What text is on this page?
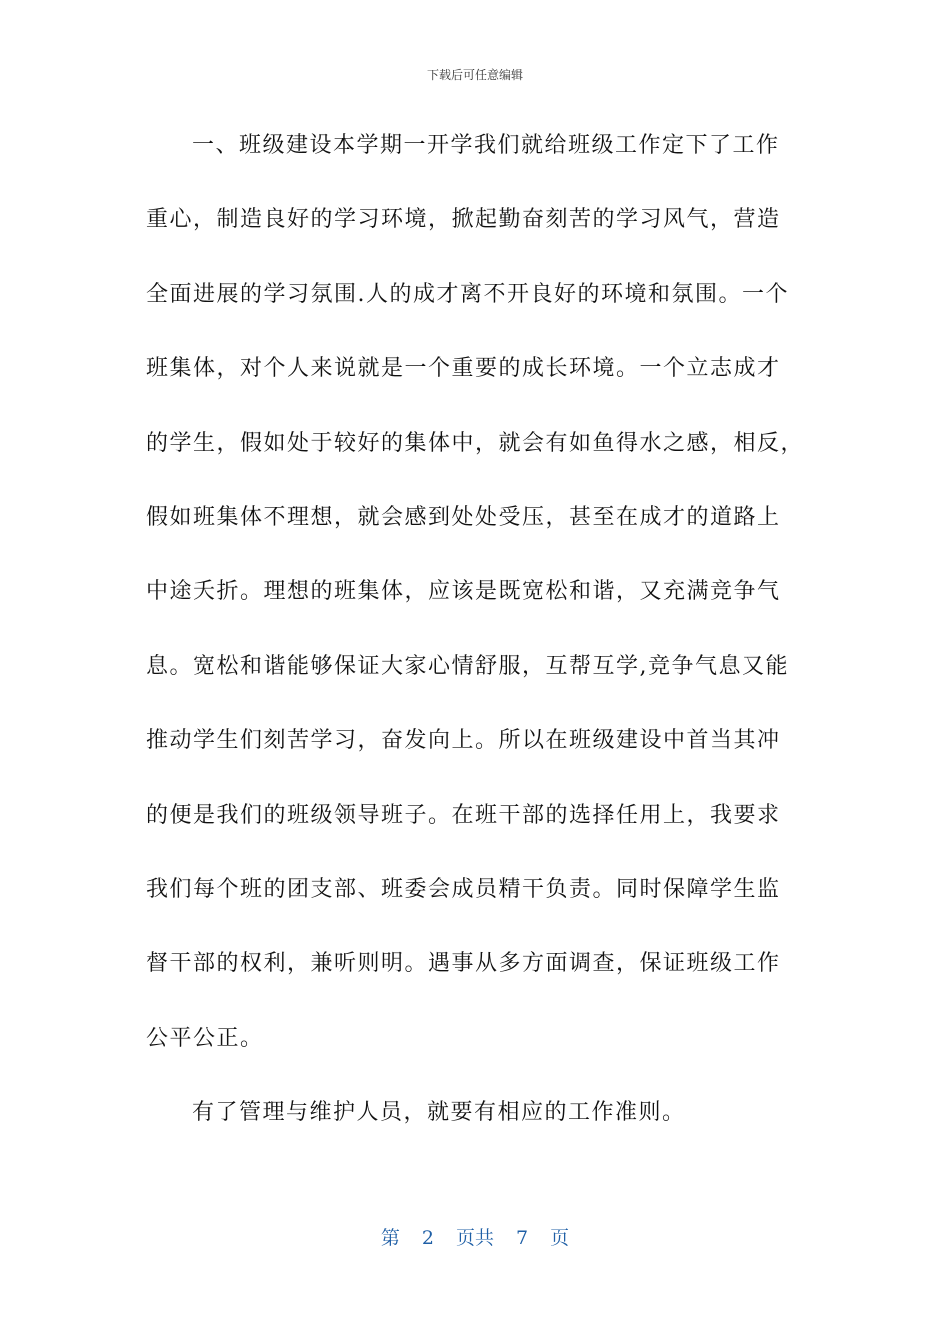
下载后可任意编辑
一、班级建设本学期一开学我们就给班级工作定下了工作
重心，制造良好的学习环境，掀起勤奋刻苦的学习风气，营造
全面进展的学习氛围.人的成才离不开良好的环境和氛围。一个
班集体，对个人来说就是一个重要的成长环境。一个立志成才
的学生，假如处于较好的集体中，就会有如鱼得水之感，相反，
假如班集体不理想，就会感到处处受压，甚至在成才的道路上
中途夭折。理想的班集体，应该是既宽松和谐，又充满竞争气
息。宽松和谐能够保证大家心情舒服，互帮互学,竞争气息又能
推动学生们刻苦学习，奋发向上。所以在班级建设中首当其冲
的便是我们的班级领导班子。在班干部的选择任用上，我要求
我们每个班的团支部、班委会成员精干负责。同时保障学生监
督干部的权利，兼听则明。遇事从多方面调查，保证班级工作
公平公正。
有了管理与维护人员，就要有相应的工作准则。
第 2 页共 7 页
